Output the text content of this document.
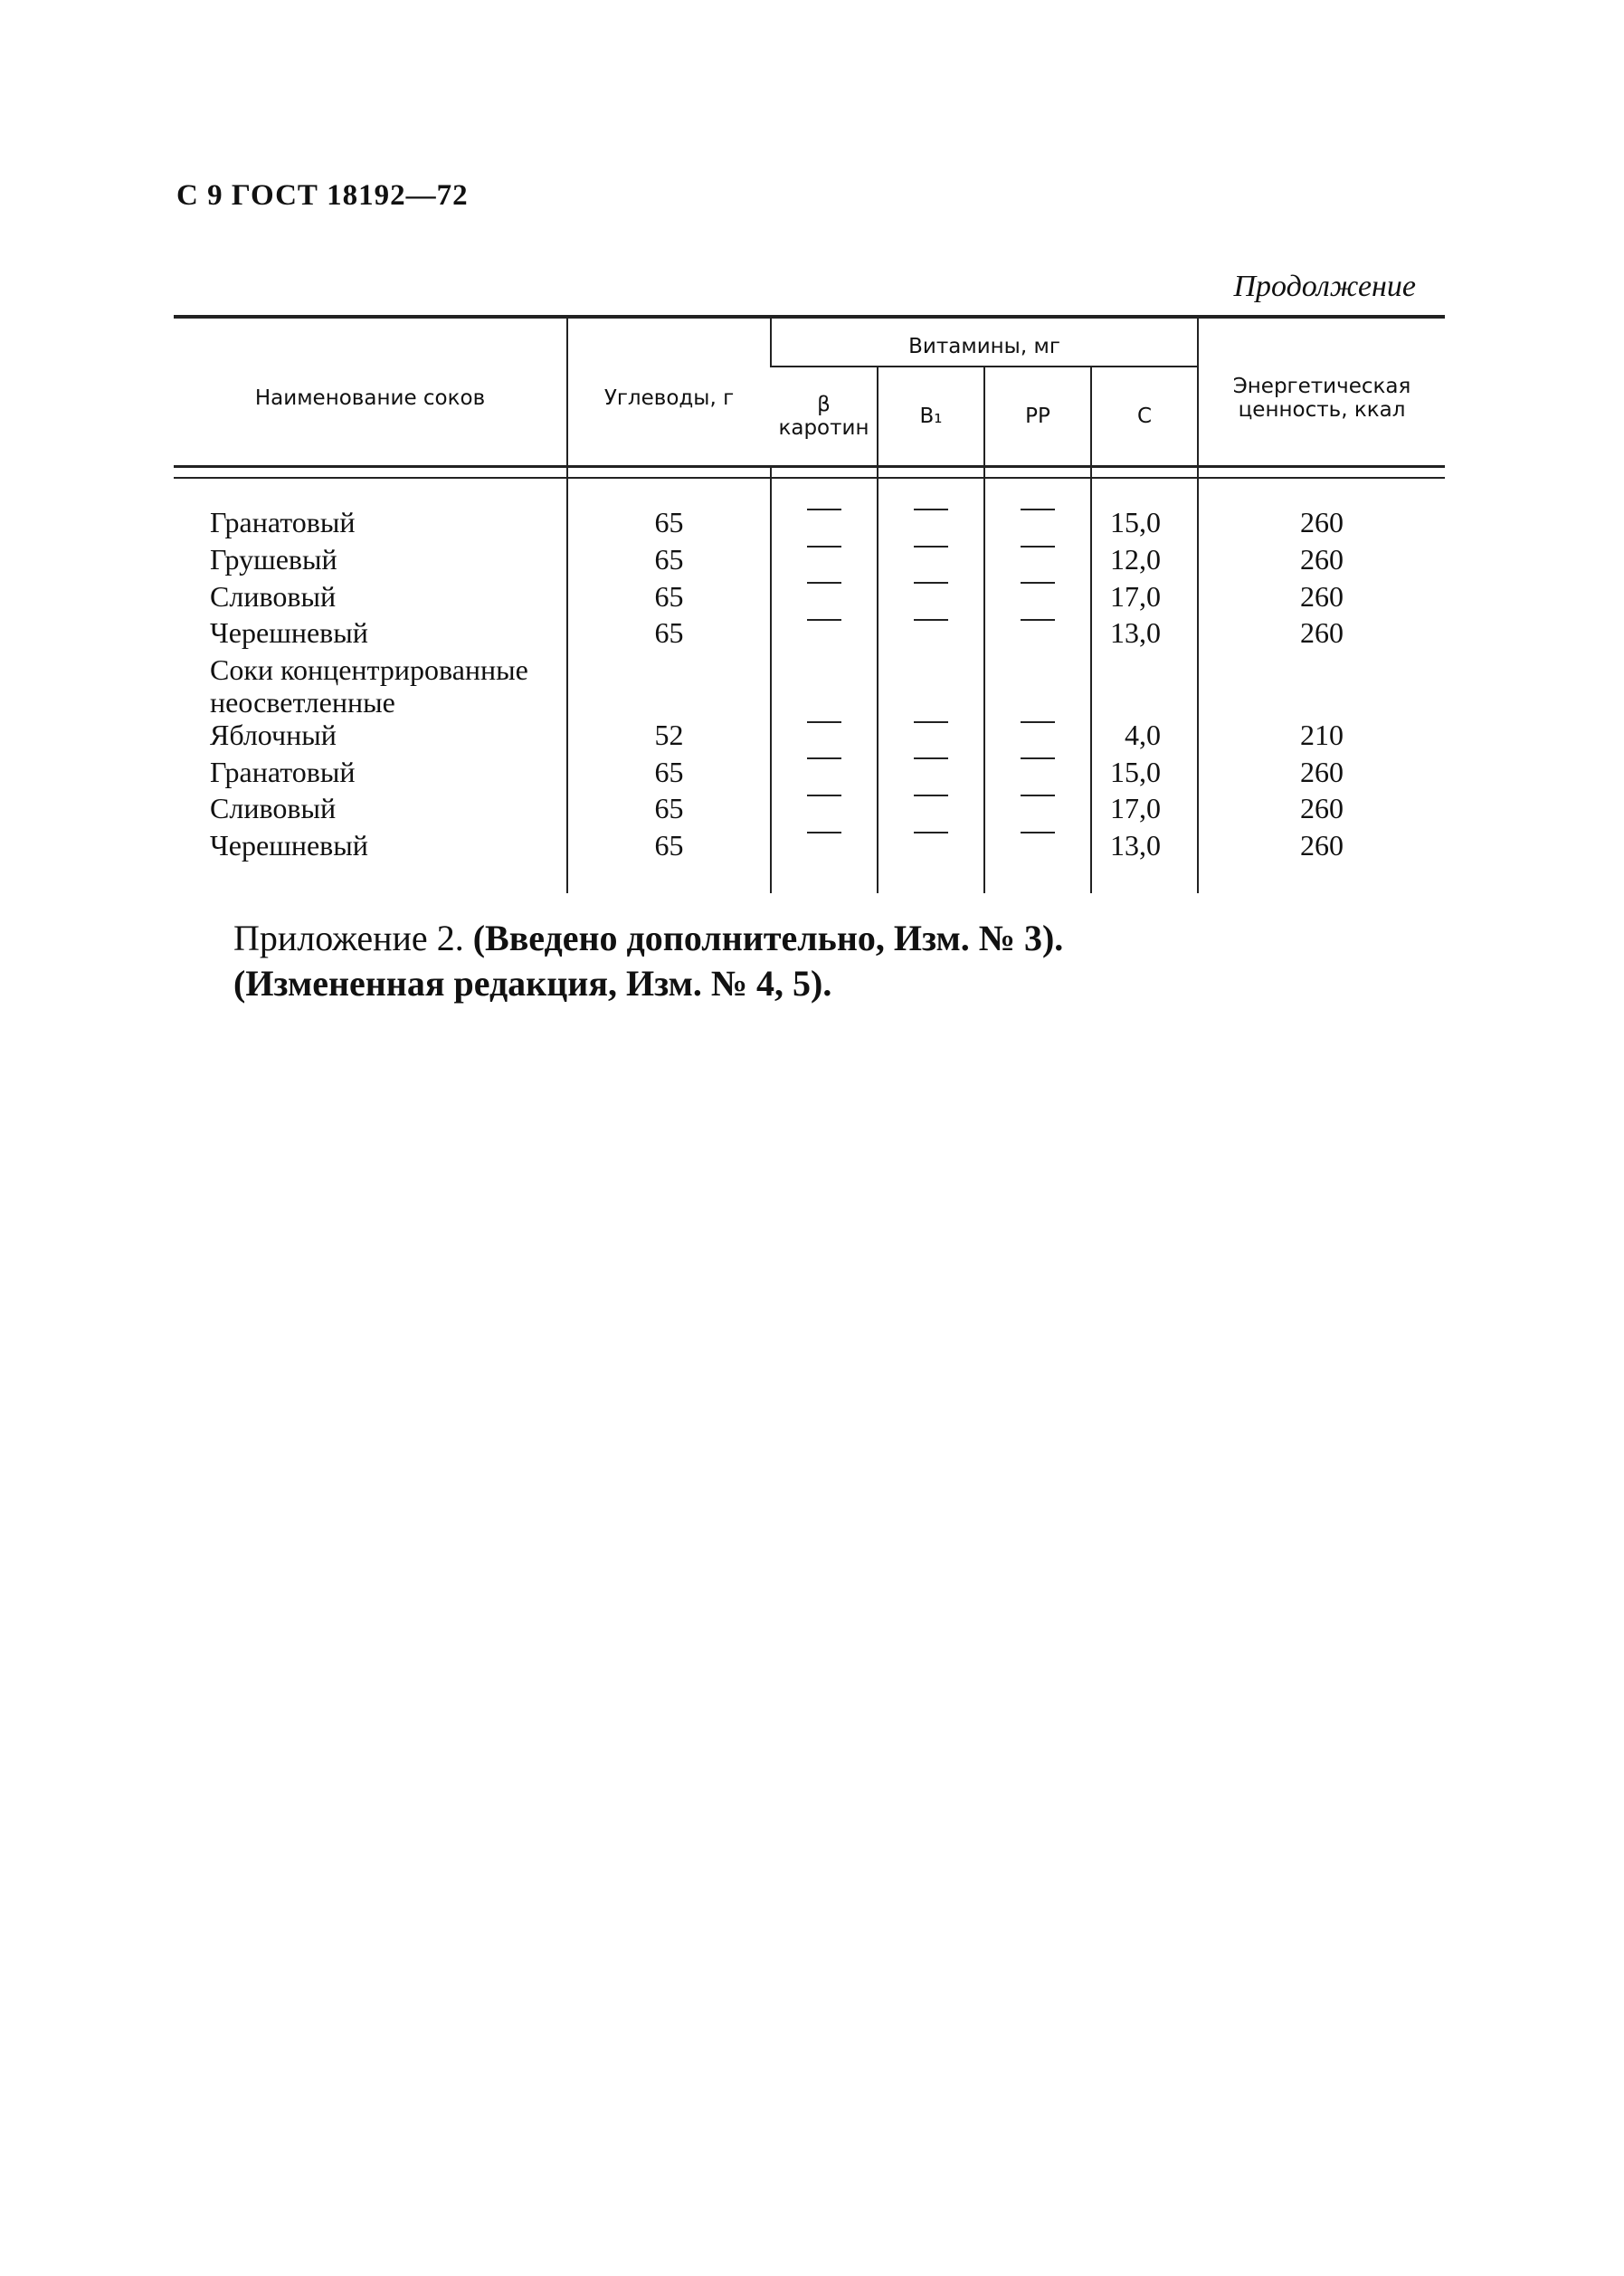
С 9 ГОСТ 18192—72
Продолжение
Наименование соков	Углеводы, г	Витамины, мг				Энергетическая ценность, ккал
		β каротин	B₁	PP	С	

Гранатовый	65				15,0	260
Грушевый	65				12,0	260
Сливовый	65				17,0	260
Черешневый	65				13,0	260
Соки концентрированные неосветленные						
Яблочный	52				4,0	210
Гранатовый	65				15,0	260
Сливовый	65				17,0	260
Черешневый	65				13,0	260

Приложение 2. (Введено дополнительно, Изм. № 3).
(Измененная редакция, Изм. № 4, 5).
